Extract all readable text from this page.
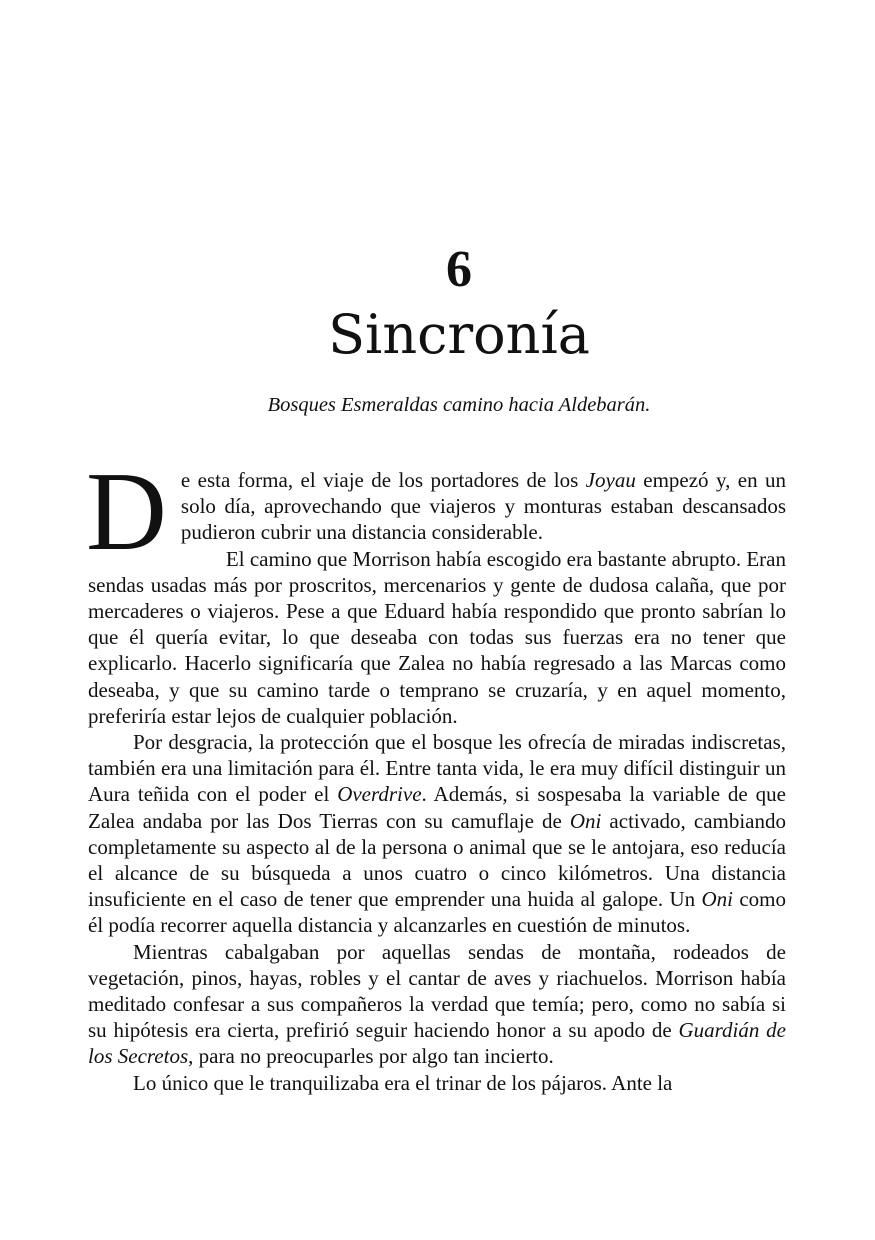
6
Sincronía

Bosques Esmeraldas camino hacia Aldebarán.

De esta forma, el viaje de los portadores de los Joyau empezó y, en un solo día, aprovechando que viajeros y monturas estaban descansados pudieron cubrir una distancia considerable.

El camino que Morrison había escogido era bastante abrupto. Eran sendas usadas más por proscritos, mercenarios y gente de dudosa calaña, que por mercaderes o viajeros. Pese a que Eduard había respondido que pronto sabrían lo que él quería evitar, lo que deseaba con todas sus fuerzas era no tener que explicarlo. Hacerlo significaría que Zalea no había regresado a las Marcas como deseaba, y que su camino tarde o temprano se cruzaría, y en aquel momento, preferiría estar lejos de cualquier población.

Por desgracia, la protección que el bosque les ofrecía de miradas indiscretas, también era una limitación para él. Entre tanta vida, le era muy difícil distinguir un Aura teñida con el poder el Overdrive. Además, si sospesaba la variable de que Zalea andaba por las Dos Tierras con su camuflaje de Oni activado, cambiando completamente su aspecto al de la persona o animal que se le antojara, eso reducía el alcance de su búsqueda a unos cuatro o cinco kilómetros. Una distancia insuficiente en el caso de tener que emprender una huida al galope. Un Oni como él podía recorrer aquella distancia y alcanzarles en cuestión de minutos.

Mientras cabalgaban por aquellas sendas de montaña, rodeados de vegetación, pinos, hayas, robles y el cantar de aves y riachuelos. Morrison había meditado confesar a sus compañeros la verdad que temía; pero, como no sabía si su hipótesis era cierta, prefirió seguir haciendo honor a su apodo de Guardián de los Secretos, para no preocuparles por algo tan incierto.

Lo único que le tranquilizaba era el trinar de los pájaros. Ante la
